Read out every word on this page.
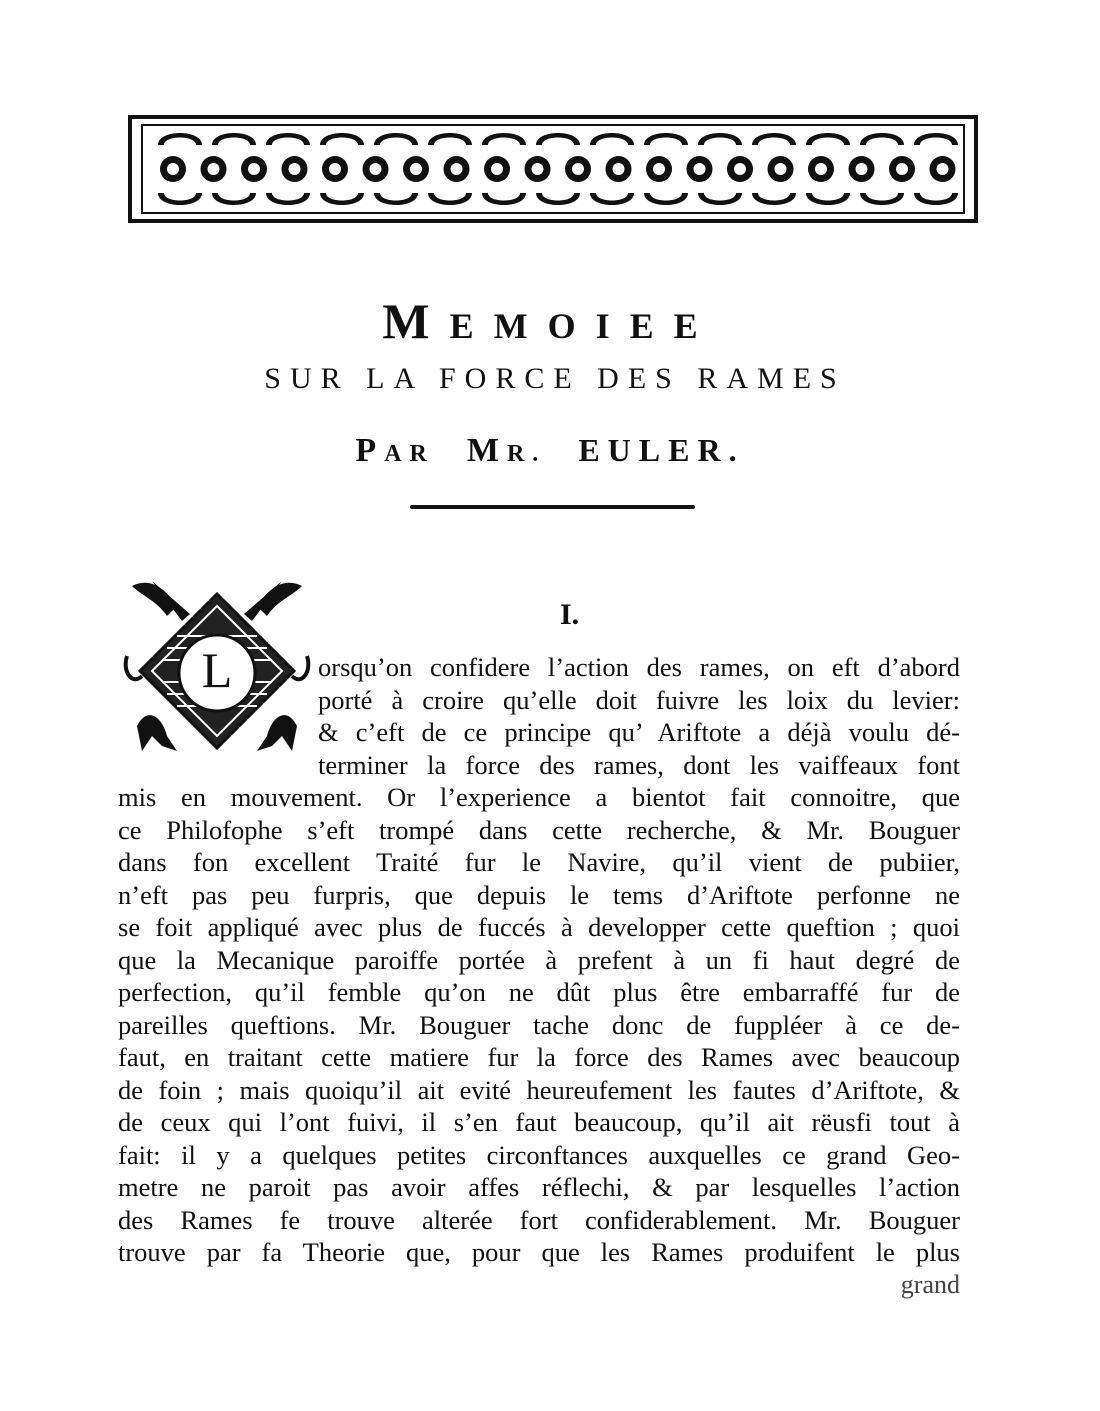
MEMOIEE
SUR LA FORCE DES RAMES
PAR MR. EULER.
I.
L	orsqu’on confidere l’action des rames, on eft d’abord
porté à croire qu’elle doit fuivre les loix du levier:
& c’eft de ce principe qu’ Ariftote a déjà voulu dé-
terminer la force des rames, dont les vaiffeaux font
mis en mouvement. Or l’experience a bientot fait connoitre, que
ce Philofophe s’eft trompé dans cette recherche, & Mr. Bouguer
dans fon excellent Traité fur le Navire, qu’il vient de pubiier,
n’eft pas peu furpris, que depuis le tems d’Ariftote perfonne ne
se foit appliqué avec plus de fuccés à developper cette queftion ; quoi
que la Mecanique paroiffe portée à prefent à un fi haut degré de
perfection, qu’il femble qu’on ne dût plus être embarraffé fur de
pareilles queftions. Mr. Bouguer tache donc de fuppléer à ce de-
faut, en traitant cette matiere fur la force des Rames avec beaucoup
de foin ; mais quoiqu’il ait evité heureufement les fautes d’Ariftote, &
de ceux qui l’ont fuivi, il s’en faut beaucoup, qu’il ait rëusfi tout à
fait: il y a quelques petites circonftances auxquelles ce grand Geo-
metre ne paroit pas avoir affes réflechi, & par lesquelles l’action
des Rames fe trouve alterée fort confiderablement. Mr. Bouguer
trouve par fa Theorie que, pour que les Rames produifent le plus
grand
